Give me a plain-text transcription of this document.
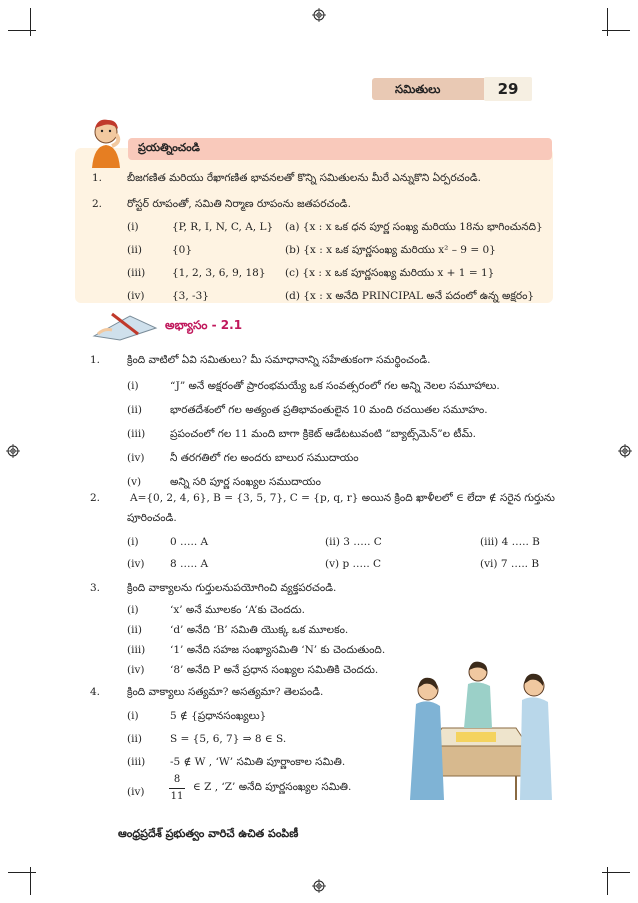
సమితులు	29
ప్రయత్నించండి
1. బీజగణిత మరియు రేఖాగణిత భావనలతో కొన్ని సమితులను మీరే ఎన్నుకొని ఏర్పరచండి.
2. రోస్టర్ రూపంతో, సమితి నిర్మాణ రూపంను జతపరచండి.
(i)	{P, R, I, N, C, A, L} (a) {x : x ఒక ధన పూర్ణ సంఖ్య మరియు 18ను భాగించునది}
(ii)	{0}	(b) {x : x ఒక పూర్ణసంఖ్య మరియు x² – 9 = 0}
(iii)	{1, 2, 3, 6, 9, 18} (c) {x : x ఒక పూర్ణసంఖ్య మరియు x + 1 = 1}
(iv)	{3, -3}	(d) {x : x అనేది PRINCIPAL అనే పదంలో ఉన్న అక్షరం}
అభ్యాసం - 2.1
1.	క్రింది వాటిలో ఏవి సమితులు? మీ సమాధానాన్ని సహేతుకంగా సమర్థించండి.
(i)	“J” అనే అక్షరంతో ప్రారంభమయ్యే ఒక సంవత్సరంలో గల అన్ని నెలల సమూహాలు.
(ii)	భారతదేశంలో గల అత్యంత ప్రతిభావంతులైన 10 మంది రచయితల సమూహం.
(iii) ప్రపంచంలో గల 11 మంది బాగా క్రికెట్ ఆడేటటువంటి “బ్యాట్స్‌మెన్”ల టీమ్.
(iv) నీ తరగతిలో గల అందరు బాలుర సముదాయం
(v)	అన్ని సరి పూర్ణ సంఖ్యల సముదాయం
2.	A={0, 2, 4, 6}, B = {3, 5, 7}, C = {p, q, r} అయిన క్రింది ఖాళీలలో ∈ లేదా ∉ సరైన గుర్తును
పూరించండి.
(i)	0 ….. A	(ii) 3 ….. C	(iii) 4 ….. B
(iv) 8 ….. A	(v) p ….. C	(vi) 7 ….. B
3.	క్రింది వాక్యాలను గుర్తులనుపయోగించి వ్యక్తపరచండి.
(i)	‘x’ అనే మూలకం ‘A’కు చెందదు.
(ii)	‘d’ అనేది ‘B’ సమితి యొక్క ఒక మూలకం.
(iii) ‘1’ అనేది సహజ సంఖ్యాసమితి ‘N’ కు చెందుతుంది.
(iv) ‘8’ అనేది P అనే ప్రధాన సంఖ్యల సమితికి చెందదు.
4.	క్రింది వాక్యాలు సత్యమా? అసత్యమా? తెలపండి.
(i)	5 ∉ {ప్రధానసంఖ్యలు}
(ii)	S = {5, 6, 7} ⇒ 8 ∈ S.
(iii) -5 ∉ W , ‘W’ సమితి పూర్ణాంకాల సమితి.
(iv)
8
11
∈ Z , ‘Z’ అనేది పూర్ణసంఖ్యల సమితి.
ఆంధ్రప్రదేశ్ ప్రభుత్వం వారిచే ఉచిత పంపిణీ
